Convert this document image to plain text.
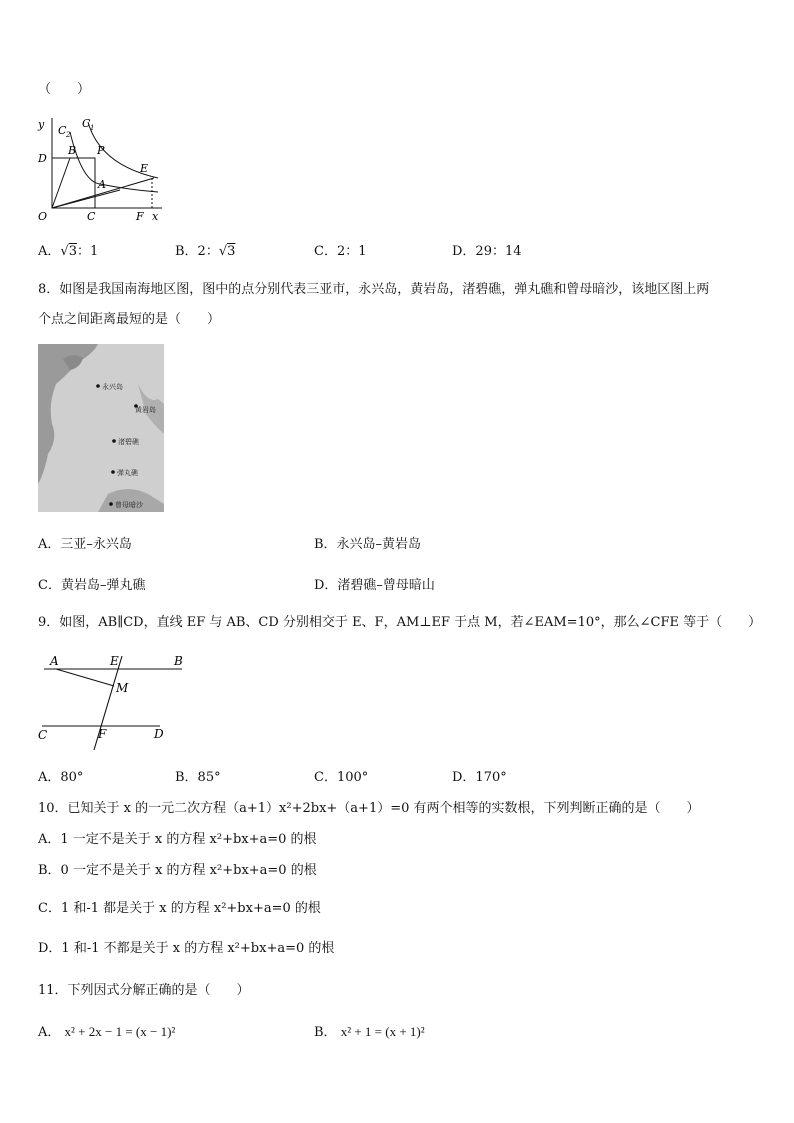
（　　）
y C 2
C 1
B P
D
E
A
O	C	F x
A．√3：1	B．2：√3	C．2：1	D．29：14
8．如图是我国南海地区图，图中的点分别代表三亚市，永兴岛，黄岩岛，渚碧礁，弹丸礁和曾母暗沙，该地区图上两
个点之间距离最短的是（　　）
永兴岛
黄岩岛
渚碧礁
弹丸礁
曾母暗沙
A．三亚–永兴岛	B．永兴岛–黄岩岛
C．黄岩岛–弹丸礁	D．渚碧礁–曾母暗山
9．如图，AB∥CD，直线 EF 与 AB、CD 分别相交于 E、F，AM⊥EF 于点 M，若∠EAM=10°，那么∠CFE 等于（　　）
A	E	B
M
C	F	D
A．80°	B．85°	C．100°	D．170°
10．已知关于 x 的一元二次方程（a+1）x²+2bx+（a+1）=0 有两个相等的实数根，下列判断正确的是（　　）
A．1 一定不是关于 x 的方程 x²+bx+a=0 的根
B．0 一定不是关于 x 的方程 x²+bx+a=0 的根
C．1 和-1 都是关于 x 的方程 x²+bx+a=0 的根
D．1 和-1 不都是关于 x 的方程 x²+bx+a=0 的根
11．下列因式分解正确的是（　　）
A． x² + 2x − 1 = (x − 1)²	B． x² + 1 = (x + 1)²
